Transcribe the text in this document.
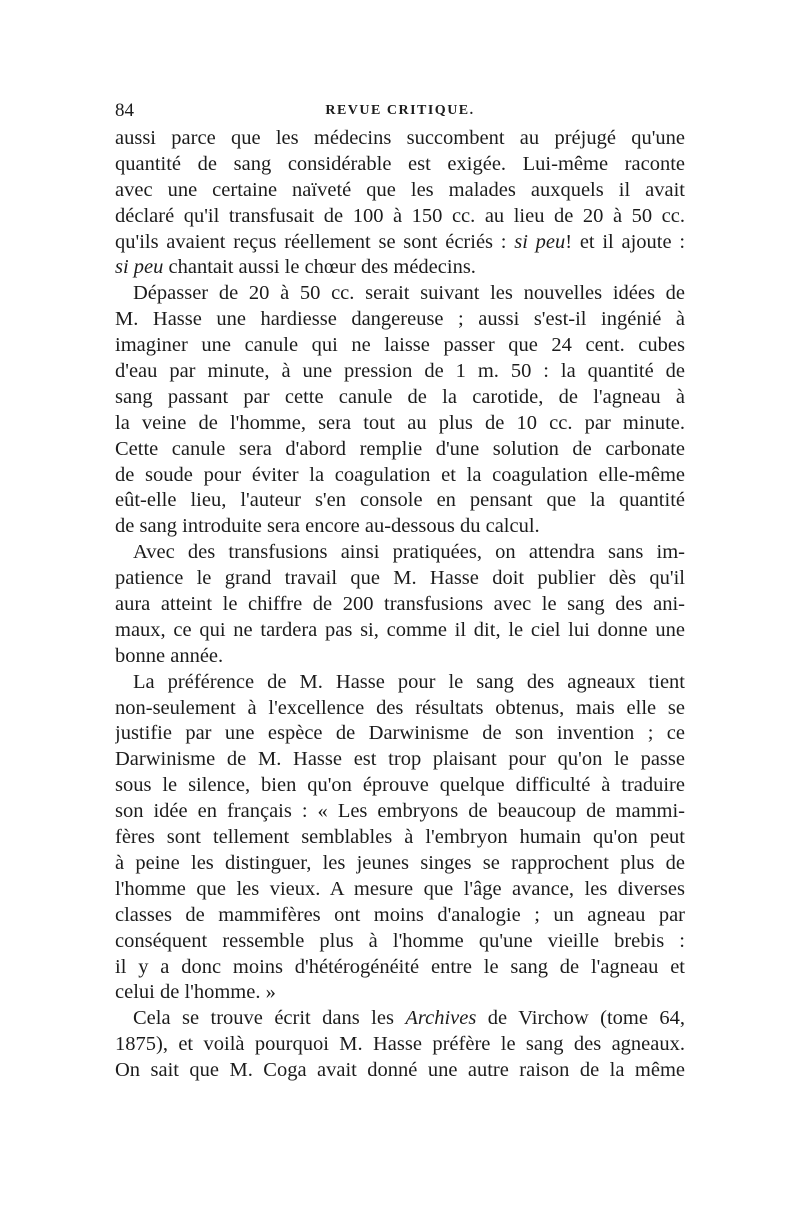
84	REVUE CRITIQUE.
aussi parce que les médecins succombent au préjugé qu'une
quantité de sang considérable est exigée. Lui-même raconte
avec une certaine naïveté que les malades auxquels il avait
déclaré qu'il transfusait de 100 à 150 cc. au lieu de 20 à 50 cc.
qu'ils avaient reçus réellement se sont écriés : si peu! et il ajoute :
si peu chantait aussi le chœur des médecins.
Dépasser de 20 à 50 cc. serait suivant les nouvelles idées de
M. Hasse une hardiesse dangereuse ; aussi s'est-il ingénié à
imaginer une canule qui ne laisse passer que 24 cent. cubes
d'eau par minute, à une pression de 1 m. 50 : la quantité de
sang passant par cette canule de la carotide, de l'agneau à
la veine de l'homme, sera tout au plus de 10 cc. par minute.
Cette canule sera d'abord remplie d'une solution de carbonate
de soude pour éviter la coagulation et la coagulation elle-même
eût-elle lieu, l'auteur s'en console en pensant que la quantité
de sang introduite sera encore au-dessous du calcul.
Avec des transfusions ainsi pratiquées, on attendra sans im-
patience le grand travail que M. Hasse doit publier dès qu'il
aura atteint le chiffre de 200 transfusions avec le sang des ani-
maux, ce qui ne tardera pas si, comme il dit, le ciel lui donne une
bonne année.
La préférence de M. Hasse pour le sang des agneaux tient
non-seulement à l'excellence des résultats obtenus, mais elle se
justifie par une espèce de Darwinisme de son invention ; ce
Darwinisme de M. Hasse est trop plaisant pour qu'on le passe
sous le silence, bien qu'on éprouve quelque difficulté à traduire
son idée en français : « Les embryons de beaucoup de mammi-
fères sont tellement semblables à l'embryon humain qu'on peut
à peine les distinguer, les jeunes singes se rapprochent plus de
l'homme que les vieux. A mesure que l'âge avance, les diverses
classes de mammifères ont moins d'analogie ; un agneau par
conséquent ressemble plus à l'homme qu'une vieille brebis :
il y a donc moins d'hétérogénéité entre le sang de l'agneau et
celui de l'homme. »
Cela se trouve écrit dans les Archives de Virchow (tome 64,
1875), et voilà pourquoi M. Hasse préfère le sang des agneaux.
On sait que M. Coga avait donné une autre raison de la même
